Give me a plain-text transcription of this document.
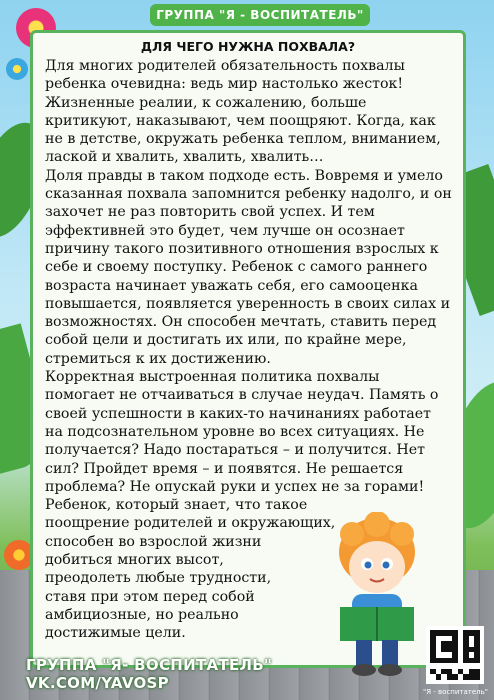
ГРУППА "Я - ВОСПИТАТЕЛЬ"
ДЛЯ ЧЕГО НУЖНА ПОХВАЛА?

Для многих родителей обязательность похвалы ребенка очевидна: ведь мир настолько жесток! Жизненные реалии, к сожалению, больше критикуют, наказывают, чем поощряют. Когда, как не в детстве, окружать ребенка теплом, вниманием, лаской и хвалить, хвалить, хвалить…

Доля правды в таком подходе есть. Вовремя и умело сказанная похвала запомнится ребенку надолго, и он захочет не раз повторить свой успех. И тем эффективней это будет, чем лучше он осознает причину такого позитивного отношения взрослых к себе и своему поступку. Ребенок с самого раннего возраста начинает уважать себя, его самооценка повышается, появляется уверенность в своих силах и возможностях. Он способен мечтать, ставить перед собой цели и достигать их или, по крайне мере, стремиться к их достижению.

Корректная выстроенная политика похвалы помогает не отчаиваться в случае неудач. Память о своей успешности в каких-то начинаниях работает на подсознательном уровне во всех ситуациях. Не получается? Надо постараться – и получится. Нет сил? Пройдет время – и появятся. Не решается проблема? Не опускай руки и успех не за горами!

Ребенок, который знает, что такое поощрение родителей и окружающих,

способен во взрослой жизни

добиться многих высот,

преодолеть любые трудности,

ставя при этом перед собой

амбициозные, но реально

достижимые цели.

ГРУППА "Я- ВОСПИТАТЕЛЬ" VK.COM/YAVOSP	"Я - воспитатель"
